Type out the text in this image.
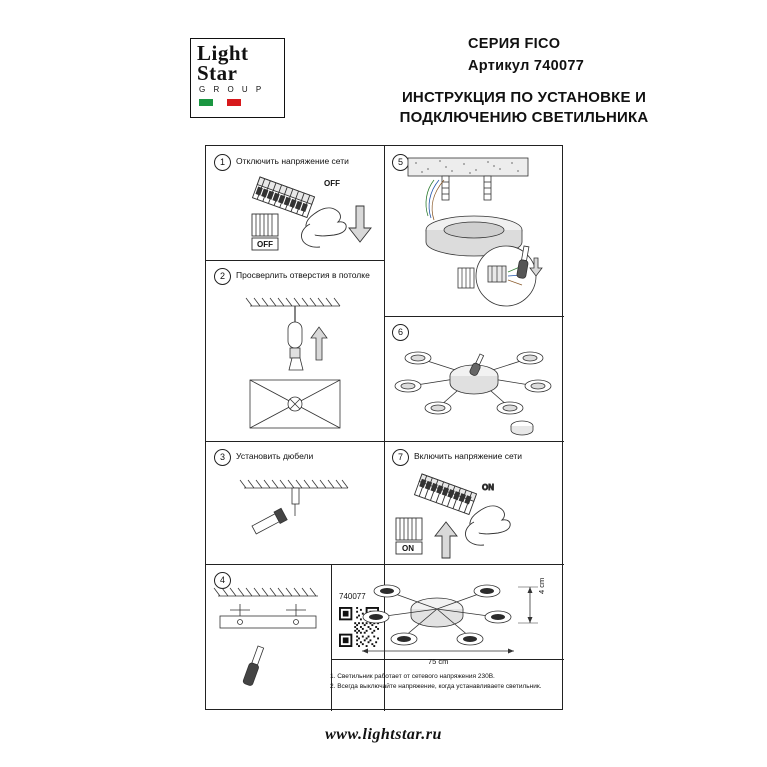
Light
Star
G R O U P
СЕРИЯ FICO
Артикул 740077
ИНСТРУКЦИЯ ПО УСТАНОВКЕ И
ПОДКЛЮЧЕНИЮ СВЕТИЛЬНИКА
1	Отключить напряжение сети
OFF
OFF
2	Просверлить отверстия в потолке
3	Установить дюбели
4
5
6
7	Включить напряжение сети
ON
ON
740077
75 cm
4 cm
1. Светильник работает от сетевого напряжения 230В.
2. Всегда выключайте напряжение, когда устанавливаете светильник.
www.lightstar.ru
